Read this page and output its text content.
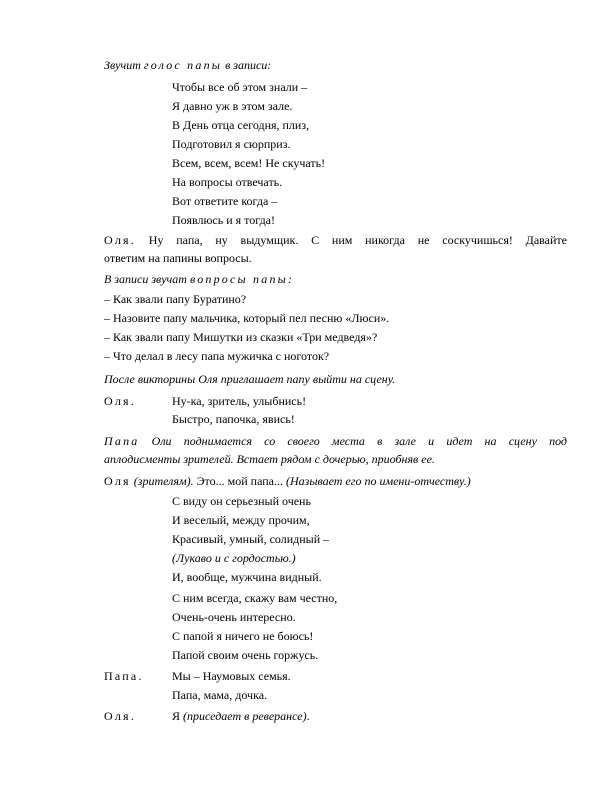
Звучит голос папы в записи:
Чтобы все об этом знали –
Я давно уж в этом зале.
В День отца сегодня, плиз,
Подготовил я сюрприз.
Всем, всем, всем! Не скучать!
На вопросы отвечать.
Вот ответите когда –
Появлюсь и я тогда!
Оля. Ну папа, ну выдумщик. С ним никогда не соскучишься! Давайте
ответим на папины вопросы.
В записи звучат вопросы папы:
– Как звали папу Буратино?
– Назовите папу мальчика, который пел песню «Люси».
– Как звали папу Мишутки из сказки «Три медведя»?
– Что делал в лесу папа мужичка с ноготок?
После викторины Оля приглашает папу выйти на сцену.
Оля.	Ну-ка, зритель, улыбнись!
Быстро, папочка, явись!
Папа Оли поднимается со своего места в зале и идет на сцену под
аплодисменты зрителей. Встает рядом с дочерью, приобняв ее.
Оля (зрителям). Это... мой папа... (Называет его по имени-отчеству.)
С виду он серьезный очень
И веселый, между прочим,
Красивый, умный, солидный –
(Лукаво и с гордостью.)
И, вообще, мужчина видный.
С ним всегда, скажу вам честно,
Очень-очень интересно.
С папой я ничего не боюсь!
Папой своим очень горжусь.
Папа. Мы – Наумовых семья.
Папа, мама, дочка.
Оля.	Я (приседает в реверансе).
